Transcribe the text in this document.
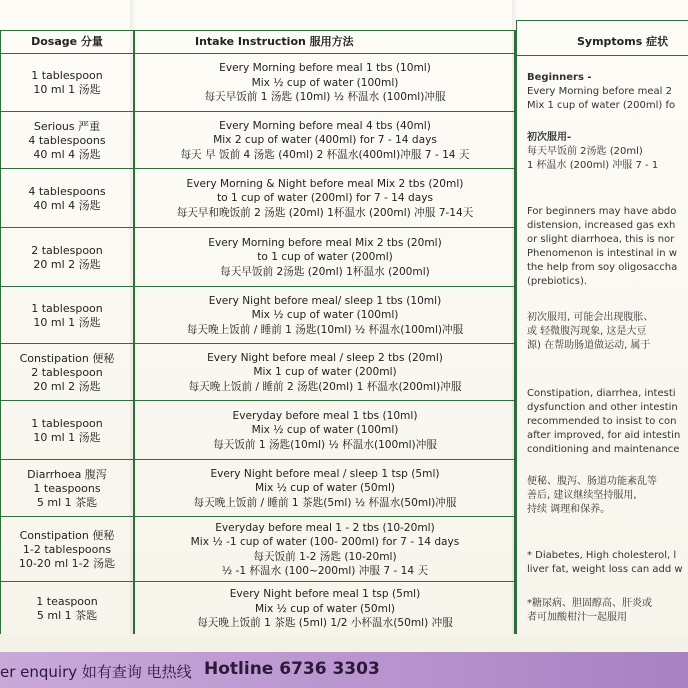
Dosage 分量	Intake Instruction 服用方法
1 tablespoon
10 ml 1 汤匙
Every Morning before meal 1 tbs (10ml)
Mix ½ cup of water (100ml)
每天早饭前 1 汤匙 (10ml) ½ 杯温水 (100ml)冲服
Serious 严重
4 tablespoons
40 ml 4 汤匙
Every Morning before meal 4 tbs (40ml)
Mix 2 cup of water (400ml) for 7 - 14 days
每天 早 饭前 4 汤匙 (40ml) 2 杯温水(400ml)冲服 7 - 14 天
4 tablespoons
40 ml 4 汤匙
Every Morning & Night before meal Mix 2 tbs (20ml)
to 1 cup of water (200ml) for 7 - 14 days
每天早和晚饭前 2 汤匙 (20ml) 1杯温水 (200ml) 冲服 7-14天
2 tablespoon
20 ml 2 汤匙
Every Morning before meal Mix 2 tbs (20ml)
to 1 cup of water (200ml)
每天早饭前 2汤匙 (20ml) 1杯温水 (200ml)
1 tablespoon
10 ml 1 汤匙
Every Night before meal/ sleep 1 tbs (10ml)
Mix ½ cup of water (100ml)
每天晚上饭前 / 睡前 1 汤匙(10ml) ½ 杯温水(100ml)冲服
Constipation 便秘
2 tablespoon
20 ml 2 汤匙
Every Night before meal / sleep 2 tbs (20ml)
Mix 1 cup of water (200ml)
每天晚上饭前 / 睡前 2 汤匙(20ml) 1 杯温水(200ml)冲服
1 tablespoon
10 ml 1 汤匙
Everyday before meal 1 tbs (10ml)
Mix ½ cup of water (100ml)
每天饭前 1 汤匙(10ml) ½ 杯温水(100ml)冲服
Diarrhoea 腹泻
1 teaspoons
5 ml 1 茶匙
Every Night before meal / sleep 1 tsp (5ml)
Mix ½ cup of water (50ml)
每天晚上饭前 / 睡前 1 茶匙(5ml) ½ 杯温水(50ml)冲服
Constipation 便秘
1-2 tablespoons
10-20 ml 1-2 汤匙
Everyday before meal 1 - 2 tbs (10-20ml)
Mix ½ -1 cup of water (100- 200ml) for 7 - 14 days
每天饭前 1-2 汤匙 (10-20ml)
½ -1 杯温水 (100~200ml) 冲服 7 - 14 天
1 teaspoon
5 ml 1 茶匙
Every Night before meal 1 tsp (5ml)
Mix ½ cup of water (50ml)
每天晚上饭前 1 茶匙 (5ml) 1/2 小杯温水(50ml) 冲服
Symptoms 症状

Beginners -

Every Morning before meal 2

Mix 1 cup of water (200ml) fo

初次服用-

每天早饭前 2汤匙 (20ml)

1 杯温水 (200ml) 冲服 7 - 1

For beginners may have abdo

distension, increased gas exh

or slight diarrhoea, this is nor

Phenomenon is intestinal in w

the help from soy oligosaccha

(prebiotics).

初次服用, 可能会出现腹胀、

或 轻微腹泻现象, 这是大豆

源) 在帮助肠道做运动, 属于

Constipation, diarrhea, intesti

dysfunction and other intestin

recommended to insist to con

after improved, for aid intestin

conditioning and maintenance

便秘、腹泻、肠道功能紊乱等

善后, 建议继续坚持服用,

持续 调理和保养。

* Diabetes, High cholesterol, l

liver fat, weight loss can add w

*糖尿病、胆固醇高、肝炎或

者可加酸柑汁一起服用

er enquiry 如有查询 电热线 Hotline 6736 3303
